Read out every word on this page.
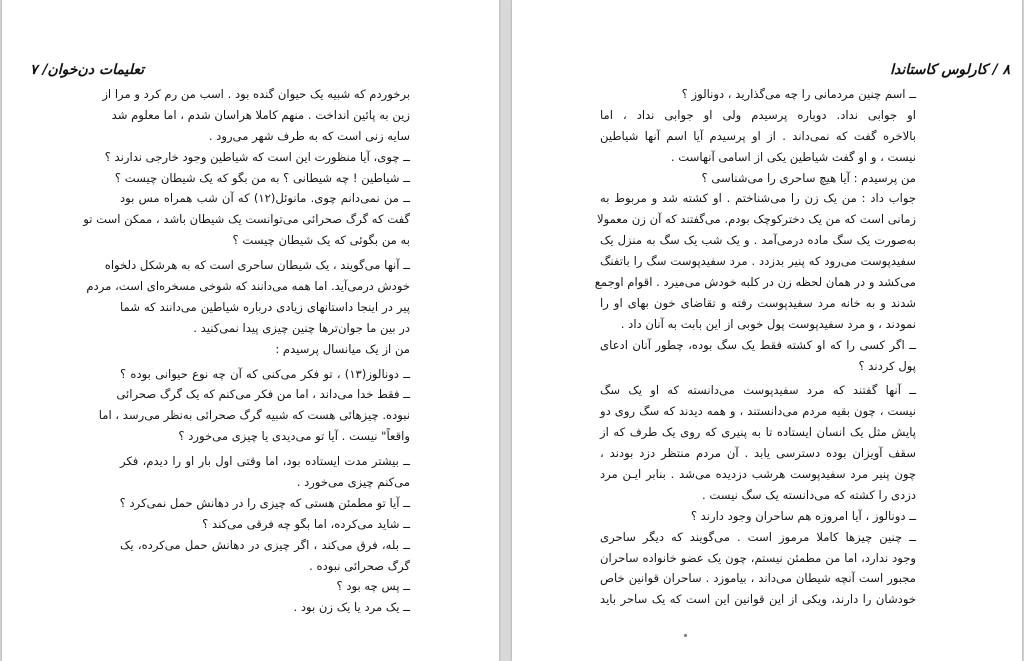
تعلیمات دن‌خوان/ ۷
برخوردم که شبیه یک حیوان گنده بود . اسب من رم کرد و مرا از
زین به پائین انداخت . منهم کاملا هراسان شدم ، اما معلوم شد
سایه زنی است که به طرف شهر می‌رود .
ــ چوی، آیا منظورت این است که شیاطین وجود خارجی ندارند ؟
ــ شیاطین ! چه شیطانی ؟ به من بگو که یک شیطان چیست ؟
ــ من نمی‌دانم چوی. مانوئل(۱۲) که آن شب همراه مس بود
گفت که گرگ صحرائی می‌توانست یک شیطان باشد ، ممکن است تو
به من بگوئی که یک شیطان چیست ؟
ــ آنها می‌گویند ، یک شیطان ساحری است که به هرشکل دلخواه
خودش درمی‌آید. اما همه می‌دانند که شوخی مسخره‌ای است، مردم
پیر در اینجا داستانهای زیادی درباره شیاطین می‌دانند که شما
در بین ما جوان‌ترها چنین چیزی پیدا نمی‌کنید .
من از یک میانسال پرسیدم :
ــ دونالوز(۱۳) ، تو فکر می‌کنی که آن چه نوع حیوانی بوده ؟
ــ فقط خدا می‌داند ، اما من فکر می‌کنم که یک گرگ صحرائی
نبوده. چیزهائی هست که شبیه گرگ صحرائی به‌نظر می‌رسد ، اما
واقعاً" نیست . آیا تو می‌دیدی یا چیزی می‌خورد ؟
ــ بیشتر مدت ایستاده بود، اما وقتی اول بار او را دیدم، فکر
می‌کنم چیزی می‌خورد .
ــ آیا تو مطمئن هستی که چیزی را در دهانش حمل نمی‌کرد ؟
ــ شاید می‌کرده، اما بگو چه فرقی می‌کند ؟
ــ بله، فرق می‌کند ، اگر چیزی در دهانش حمل می‌کرده، یک
گرگ صحرائی نبوده .
ــ پس چه بود ؟
ــ یک مرد یا یک زن بود .
۸ / کارلوس کاستاندا
ــ اسم چنین مردمانی را چه می‌گذارید ، دونالوز ؟
او جوابی نداد. دوباره پرسیدم ولی او جوابی نداد ، اما
بالاخره گفت که نمی‌داند . از او پرسیدم آیا اسم آنها شیاطین
نیست ، و او گفت شیاطین یکی از اسامی آنهاست .
من پرسیدم : آیا هیچ ساحری را می‌شناسی ؟
جواب داد : من یک زن را می‌شناختم . او کشته شد و مربوط به
زمانی است که من یک دخترکوچک بودم. می‌گفتند که آن زن معمولا
به‌صورت یک سگ ماده درمی‌آمد . و یک شب یک سگ به منزل یک
سفیدپوست می‌رود که پنیر بدزدد . مرد سفیدپوست سگ را باتفنگ
می‌کشد و در همان لحظه زن در کلبه خودش می‌میرد . اقوام اوجمع
شدند و به خانه مرد سفیدپوست رفته و تقاضای خون بهای او را
نمودند ، و مرد سفیدپوست پول خوبی از این بابت به آنان داد .
ــ اگر کسی را که او کشته فقط یک سگ بوده، چطور آنان ادعای
پول کردند ؟
ــ آنها گفتند که مرد سفیدپوست می‌دانسته که او یک سگ
نیست ، چون بقیه مردم می‌دانستند ، و همه دیدند که سگ روی دو
پایش مثل یک انسان ایستاده تا به پنیری که روی یک طرف که از
سقف آویزان بوده دسترسی یابد . آن مردم منتظر دزد بودند ،
چون پنیر مرد سفیدپوست هرشب دزدیده می‌شد . بنابر ایـن مرد
دزدی را کشته که می‌دانسته یک سگ نیست .
ــ دونالوز ، آیا امروزه هم ساحران وجود دارند ؟
ــ چنین چیزها کاملا مرموز است . می‌گویند که دیگر ساحری
وجود ندارد، اما من مطمئن نیستم، چون یک عضو خانواده ساحران
مجبور است آنچه شیطان می‌داند ، بیاموزد . ساحران قوانین خاص
خودشان را دارند، ویکی از این قوانین این است که یک ساحر باید
